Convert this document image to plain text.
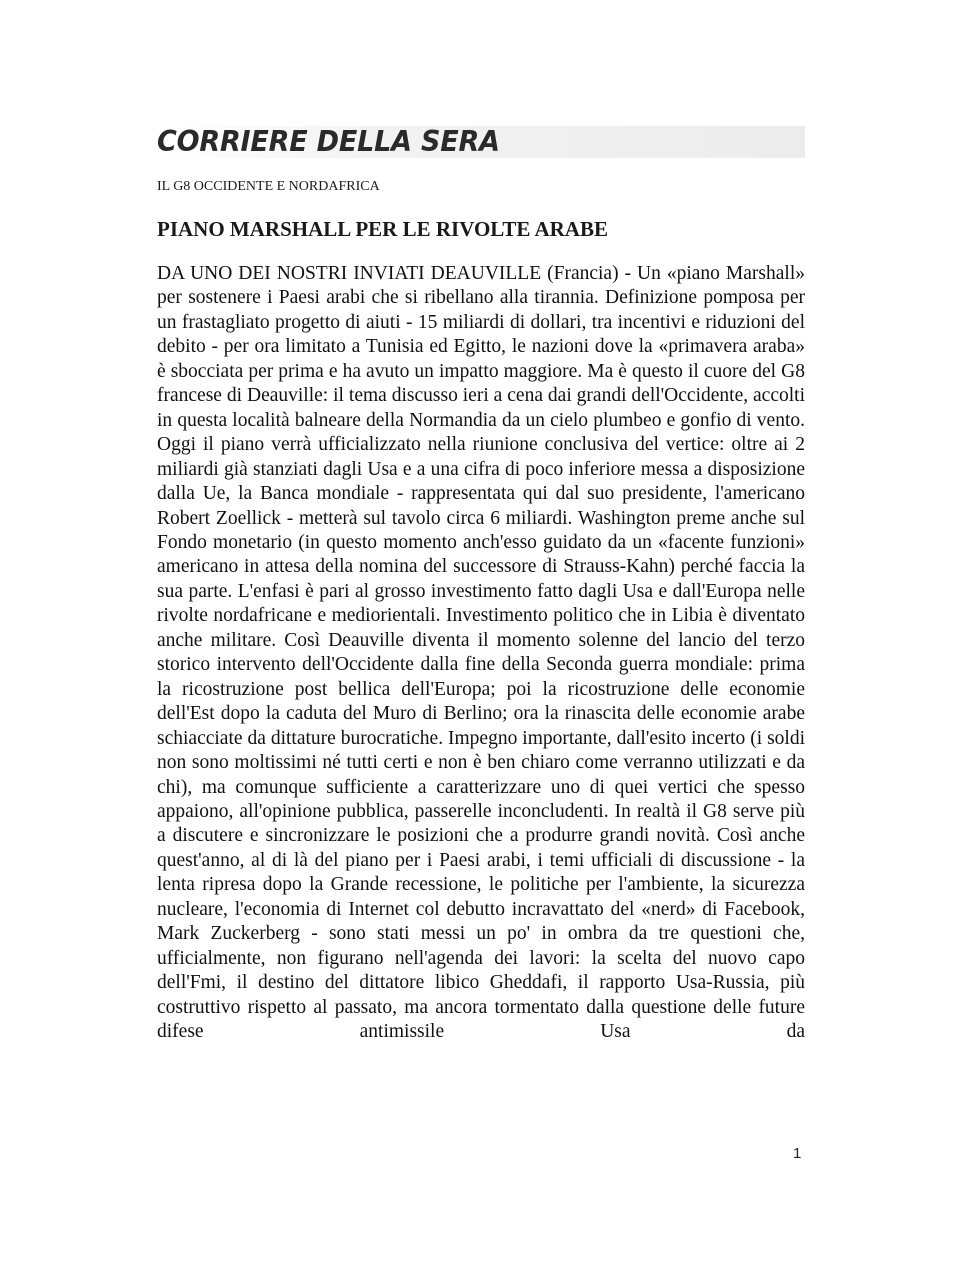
CORRIERE DELLA SERA
IL G8 OCCIDENTE E NORDAFRICA
PIANO MARSHALL PER LE RIVOLTE ARABE

DA UNO DEI NOSTRI INVIATI DEAUVILLE (Francia) - Un «piano Marshall» per sostenere i Paesi arabi che si ribellano alla tirannia. Definizione pomposa per un frastagliato progetto di aiuti - 15 miliardi di dollari, tra incentivi e riduzioni del debito - per ora limitato a Tunisia ed Egitto, le nazioni dove la «primavera araba» è sbocciata per prima e ha avuto un impatto maggiore. Ma è questo il cuore del G8 francese di Deauville: il tema discusso ieri a cena dai grandi dell'Occidente, accolti in questa località balneare della Normandia da un cielo plumbeo e gonfio di vento. Oggi il piano verrà ufficializzato nella riunione conclusiva del vertice: oltre ai 2 miliardi già stanziati dagli Usa e a una cifra di poco inferiore messa a disposizione dalla Ue, la Banca mondiale - rappresentata qui dal suo presidente, l'americano Robert Zoellick - metterà sul tavolo circa 6 miliardi. Washington preme anche sul Fondo monetario (in questo momento anch'esso guidato da un «facente funzioni» americano in attesa della nomina del successore di Strauss-Kahn) perché faccia la sua parte. L'enfasi è pari al grosso investimento fatto dagli Usa e dall'Europa nelle rivolte nordafricane e mediorientali. Investimento politico che in Libia è diventato anche militare. Così Deauville diventa il momento solenne del lancio del terzo storico intervento dell'Occidente dalla fine della Seconda guerra mondiale: prima la ricostruzione post bellica dell'Europa; poi la ricostruzione delle economie dell'Est dopo la caduta del Muro di Berlino; ora la rinascita delle economie arabe schiacciate da dittature burocratiche. Impegno importante, dall'esito incerto (i soldi non sono moltissimi né tutti certi e non è ben chiaro come verranno utilizzati e da chi), ma comunque sufficiente a caratterizzare uno di quei vertici che spesso appaiono, all'opinione pubblica, passerelle inconcludenti. In realtà il G8 serve più a discutere e sincronizzare le posizioni che a produrre grandi novità. Così anche quest'anno, al di là del piano per i Paesi arabi, i temi ufficiali di discussione - la lenta ripresa dopo la Grande recessione, le politiche per l'ambiente, la sicurezza nucleare, l'economia di Internet col debutto incravattato del «nerd» di Facebook, Mark Zuckerberg - sono stati messi un po' in ombra da tre questioni che, ufficialmente, non figurano nell'agenda dei lavori: la scelta del nuovo capo dell'Fmi, il destino del dittatore libico Gheddafi, il rapporto Usa-Russia, più costruttivo rispetto al passato, ma ancora tormentato dalla questione delle future difese antimissile Usa da

1
